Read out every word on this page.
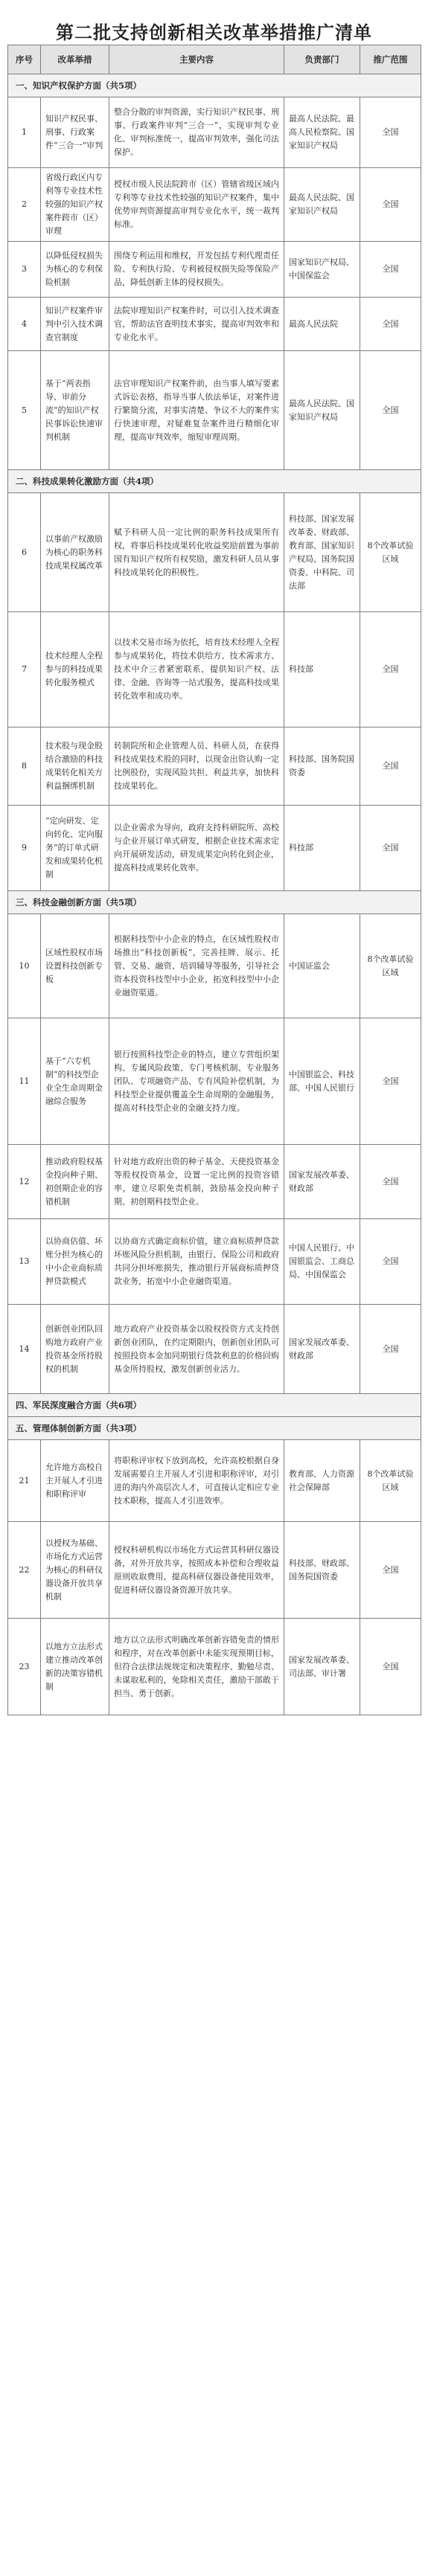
第二批支持创新相关改革举措推广清单
序号	改革举措	主要内容	负责部门	推广范围
一、知识产权保护方面（共5项）				
1	知识产权民事、刑事、行政案件“三合一”审判	整合分散的审判资源，实行知识产权民事、刑事、行政案件审判“三合一”，实现审判专业化、审判标准统一，提高审判效率，强化司法保护。	最高人民法院、最高人民检察院、国家知识产权局	全国
2	省级行政区内专利等专业技术性较强的知识产权案件跨市（区）审理	授权市级人民法院跨市（区）管辖省级区域内专利等专业技术性较强的知识产权案件，集中优势审判资源提高审判专业化水平，统一裁判标准。	最高人民法院、国家知识产权局	全国
3	以降低侵权损失为核心的专利保险机制	围绕专利运用和维权，开发包括专利代理责任险、专利执行险、专利被侵权损失险等保险产品，降低创新主体的侵权损失。	国家知识产权局、中国保监会	全国
4	知识产权案件审判中引入技术调查官制度	法院审理知识产权案件时，可以引入技术调查官，帮助法官查明技术事实，提高审判效率和专业化水平。	最高人民法院	全国
5	基于“两表指导、审前分流”的知识产权民事诉讼快速审判机制	法官审理知识产权案件前，由当事人填写要素式诉讼表格，指导当事人依法举证，对案件进行繁简分流，对事实清楚、争议不大的案件实行快速审理，对疑难复杂案件进行精细化审理，提高审判效率，缩短审理周期。	最高人民法院、国家知识产权局	全国
二、科技成果转化激励方面（共4项）				
6	以事前产权激励为核心的职务科技成果权属改革	赋予科研人员一定比例的职务科技成果所有权，将事后科技成果转化收益奖励前置为事前国有知识产权所有权奖励，激发科研人员从事科技成果转化的积极性。	科技部、国家发展改革委、财政部、教育部、国家知识产权局、国务院国资委、中科院、司法部	8个改革试验区域
7	技术经理人全程参与的科技成果转化服务模式	以技术交易市场为依托，培育技术经理人全程参与成果转化，将技术供给方、技术需求方、技术中介三者紧密联系，提供知识产权、法律、金融、咨询等一站式服务，提高科技成果转化效率和成功率。	科技部	全国
8	技术股与现金股结合激励的科技成果转化相关方利益捆绑机制	转制院所和企业管理人员、科研人员，在获得科技成果技术股的同时，以现金出资认购一定比例股份，实现风险共担、利益共享，加快科技成果转化。	科技部、国务院国资委	全国
9	“定向研发、定向转化、定向服务”的订单式研发和成果转化机制	以企业需求为导向，政府支持科研院所、高校与企业开展订单式研发，根据企业技术需求定向开展研发活动，研发成果定向转化到企业，提高科技成果转化效率。	科技部	全国
三、科技金融创新方面（共5项）				
10	区域性股权市场设置科技创新专板	根据科技型中小企业的特点，在区域性股权市场推出“科技创新板”，完善挂牌、展示、托管、交易、融资、培训辅导等服务，引导社会资本投资科技型中小企业，拓宽科技型中小企业融资渠道。	中国证监会	8个改革试验区域
11	基于“六专机制”的科技型企业全生命周期金融综合服务	银行按照科技型企业的特点，建立专营组织架构、专属风险政策、专门考核机制、专业服务团队、专项融资产品、专有风险补偿机制，为科技型企业提供覆盖全生命周期的金融服务，提高对科技型企业的金融支持力度。	中国银监会、科技部、中国人民银行	全国
12	推动政府股权基金投向种子期、初创期企业的容错机制	针对地方政府出资的种子基金、天使投资基金等股权投资基金，设置一定比例的投资容错率，建立尽职免责机制，鼓励基金投向种子期、初创期科技型企业。	国家发展改革委、财政部	全国
13	以协商估值、坏账分担为核心的中小企业商标质押贷款模式	以协商方式确定商标价值，建立商标质押贷款坏账风险分担机制，由银行、保险公司和政府共同分担坏账损失，推动银行开展商标质押贷款业务，拓宽中小企业融资渠道。	中国人民银行、中国银监会、工商总局、中国保监会	全国
14	创新创业团队回购地方政府产业投资基金所持股权的机制	地方政府产业投资基金以股权投资方式支持创新创业团队，在约定期限内，创新创业团队可按照投资本金加同期银行贷款利息的价格回购基金所持股权，激发创新创业活力。	国家发展改革委、财政部	全国
四、军民深度融合方面（共6项）				
五、管理体制创新方面（共3项）				
21	允许地方高校自主开展人才引进和职称评审	将职称评审权下放到高校，允许高校根据自身发展需要自主开展人才引进和职称评审，对引进的海内外高层次人才，可直接认定相应专业技术职称，提高人才引进效率。	教育部、人力资源社会保障部	8个改革试验区域
22	以授权为基础、市场化方式运营为核心的科研仪器设备开放共享机制	授权科研机构以市场化方式运营其科研仪器设备，对外开放共享，按照成本补偿和合理收益原则收取费用，提高科研仪器设备使用效率，促进科研仪器设备资源开放共享。	科技部、财政部、国务院国资委	全国
23	以地方立法形式建立推动改革创新的决策容错机制	地方以立法形式明确改革创新容错免责的情形和程序，对在改革创新中未能实现预期目标，但符合法律法规规定和决策程序、勤勉尽责、未谋取私利的，免除相关责任，激励干部敢于担当、勇于创新。	国家发展改革委、司法部、审计署	全国
